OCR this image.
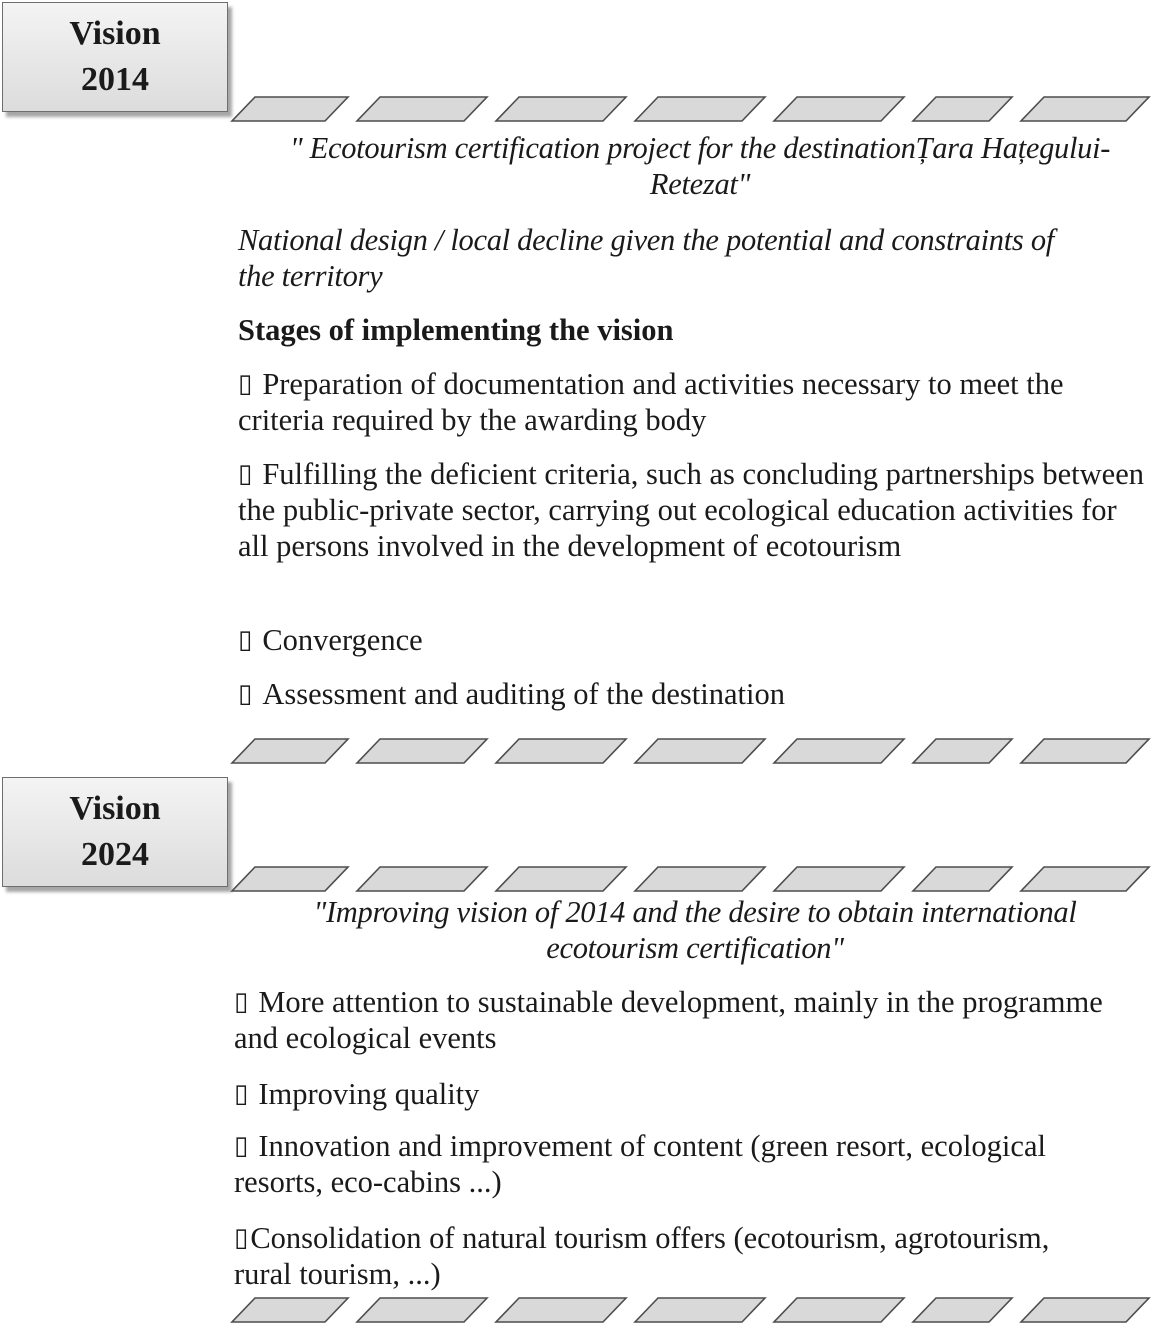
Vision
2014

" Ecotourism certification project for the destinationȚara Hațegului- Retezat"

National design / local decline given the potential and constraints of the territory

Stages of implementing the vision

▯ Preparation of documentation and activities necessary to meet the criteria required by the awarding body

▯ Fulfilling the deficient criteria, such as concluding partnerships between the public-private sector, carrying out ecological education activities for all persons involved in the development of ecotourism

▯ Convergence

▯ Assessment and auditing of the destination

Vision
2024

"Improving vision of 2014 and the desire to obtain international ecotourism certification"

▯ More attention to sustainable development, mainly in the programme and ecological events

▯ Improving quality

▯ Innovation and improvement of content (green resort, ecological resorts, eco-cabins ...)

▯ Consolidation of natural tourism offers (ecotourism, agrotourism, rural tourism, ...)
